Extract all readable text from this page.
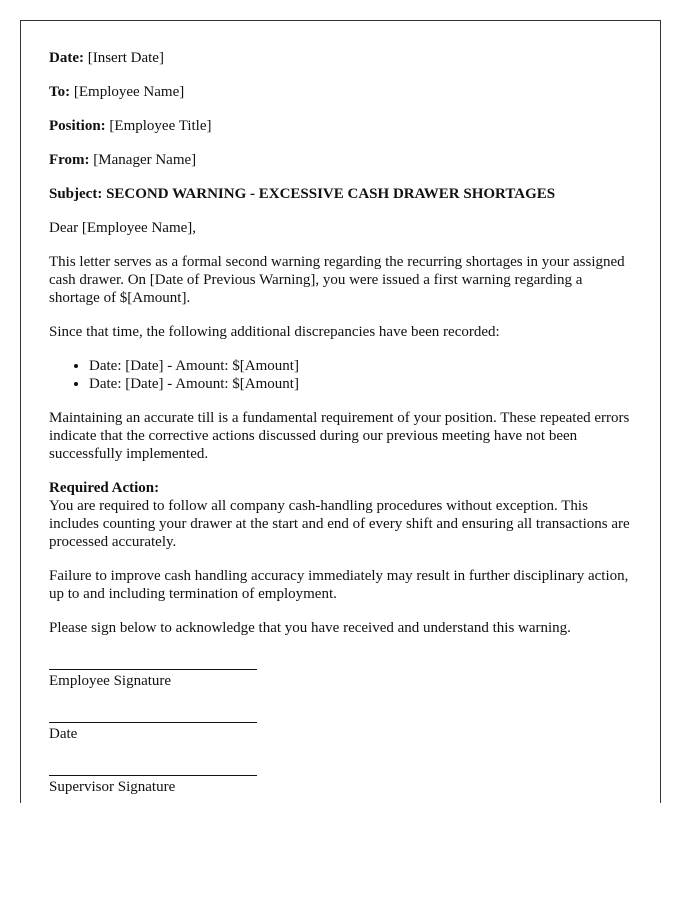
Date: [Insert Date]

To: [Employee Name]

Position: [Employee Title]

From: [Manager Name]

Subject: SECOND WARNING - EXCESSIVE CASH DRAWER SHORTAGES

Dear [Employee Name],

This letter serves as a formal second warning regarding the recurring shortages in your assigned cash drawer. On [Date of Previous Warning], you were issued a first warning regarding a shortage of $[Amount].

Since that time, the following additional discrepancies have been recorded:

• Date: [Date] - Amount: $[Amount]
• Date: [Date] - Amount: $[Amount]

Maintaining an accurate till is a fundamental requirement of your position. These repeated errors indicate that the corrective actions discussed during our previous meeting have not been successfully implemented.

Required Action:
You are required to follow all company cash-handling procedures without exception. This includes counting your drawer at the start and end of every shift and ensuring all transactions are processed accurately.

Failure to improve cash handling accuracy immediately may result in further disciplinary action, up to and including termination of employment.

Please sign below to acknowledge that you have received and understand this warning.

Employee Signature
Date
Supervisor Signature
